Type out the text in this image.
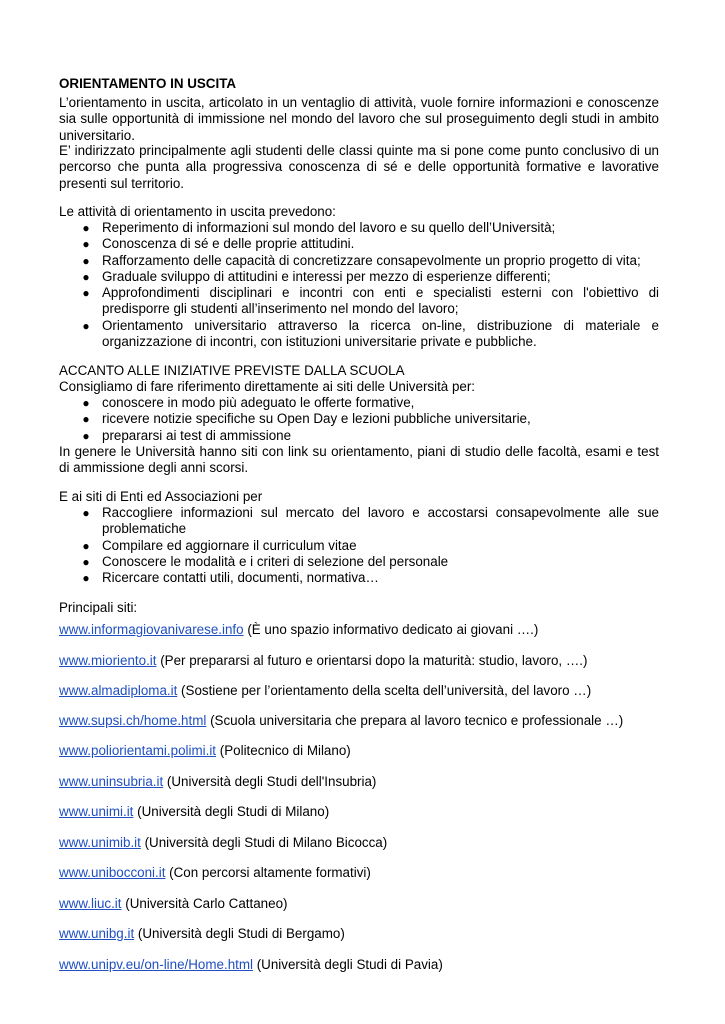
ORIENTAMENTO IN USCITA
L’orientamento in uscita, articolato in un ventaglio di attività, vuole fornire informazioni e conoscenze sia sulle opportunità di immissione nel mondo del lavoro che sul proseguimento degli studi in ambito universitario.
E’ indirizzato principalmente agli studenti delle classi quinte ma si pone come punto conclusivo di un percorso che punta alla progressiva conoscenza di sé e delle opportunità formative e lavorative presenti sul territorio.
Le attività di orientamento in uscita prevedono:
● Reperimento di informazioni sul mondo del lavoro e su quello dell’Università;
● Conoscenza di sé e delle proprie attitudini.
● Rafforzamento delle capacità di concretizzare consapevolmente un proprio progetto di vita;
● Graduale sviluppo di attitudini e interessi per mezzo di esperienze differenti;
● Approfondimenti disciplinari e incontri con enti e specialisti esterni con l'obiettivo di predisporre gli studenti all’inserimento nel mondo del lavoro;
● Orientamento universitario attraverso la ricerca on-line, distribuzione di materiale e organizzazione di incontri, con istituzioni universitarie private e pubbliche.
ACCANTO ALLE INIZIATIVE PREVISTE DALLA SCUOLA
Consigliamo di fare riferimento direttamente ai siti delle Università per:
● conoscere in modo più adeguato le offerte formative,
● ricevere notizie specifiche su Open Day e lezioni pubbliche universitarie,
● prepararsi ai test di ammissione
In genere le Università hanno siti con link su orientamento, piani di studio delle facoltà, esami e test di ammissione degli anni scorsi.
E ai siti di Enti ed Associazioni per
● Raccogliere informazioni sul mercato del lavoro e accostarsi consapevolmente alle sue problematiche
● Compilare ed aggiornare il curriculum vitae
● Conoscere le modalità e i criteri di selezione del personale
● Ricercare contatti utili, documenti, normativa…
Principali siti:
www.informagiovanivarese.info (È uno spazio informativo dedicato ai giovani ….)
www.mioriento.it (Per prepararsi al futuro e orientarsi dopo la maturità: studio, lavoro, ….)
www.almadiploma.it (Sostiene per l’orientamento della scelta dell’università, del lavoro …)
www.supsi.ch/home.html (Scuola universitaria che prepara al lavoro tecnico e professionale …)
www.poliorientami.polimi.it (Politecnico di Milano)
www.uninsubria.it (Università degli Studi dell'Insubria)
www.unimi.it (Università degli Studi di Milano)
www.unimib.it (Università degli Studi di Milano Bicocca)
www.unibocconi.it (Con percorsi altamente formativi)
www.liuc.it (Università Carlo Cattaneo)
www.unibg.it (Università degli Studi di Bergamo)
www.unipv.eu/on-line/Home.html (Università degli Studi di Pavia)
